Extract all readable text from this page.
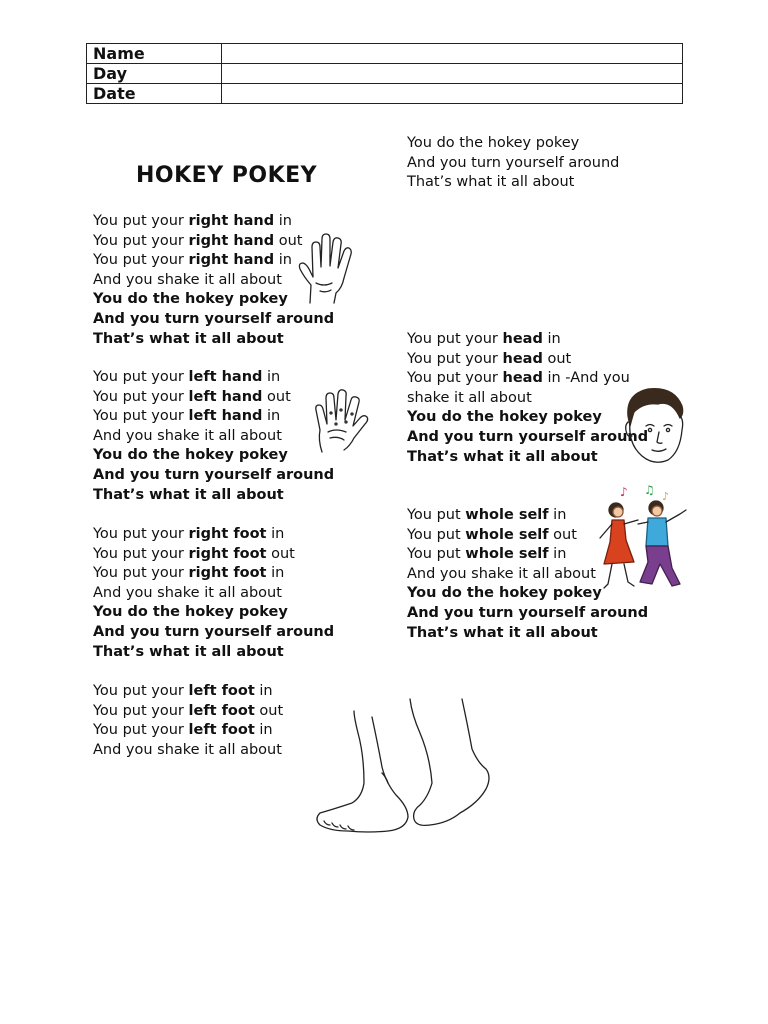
Name	
Day	
Date	
HOKEY POKEY
You do the hokey pokey
And you turn yourself around
That’s what it all about
You put your right hand in
You put your right hand out
You put your right hand in
And you shake it all about
You do the hokey pokey
And you turn yourself around
That’s what it all about
You put your left hand in
You put your left hand out
You put your left hand in
And you shake it all about
You do the hokey pokey
And you turn yourself around
That’s what it all about
You put your right foot in
You put your right foot out
You put your right foot in
And you shake it all about
You do the hokey pokey
And you turn yourself around
That’s what it all about
You put your left foot in
You put your left foot out
You put your left foot in
And you shake it all about
You put your head in
You put your head out
You put your head in -And you
shake it all about
You do the hokey pokey
And you turn yourself around
That’s what it all about
You put whole self in
You put whole self out
You put whole self in
And you shake it all about
You do the hokey pokey
And you turn yourself around
That’s what it all about
♪ ♫ ♪
